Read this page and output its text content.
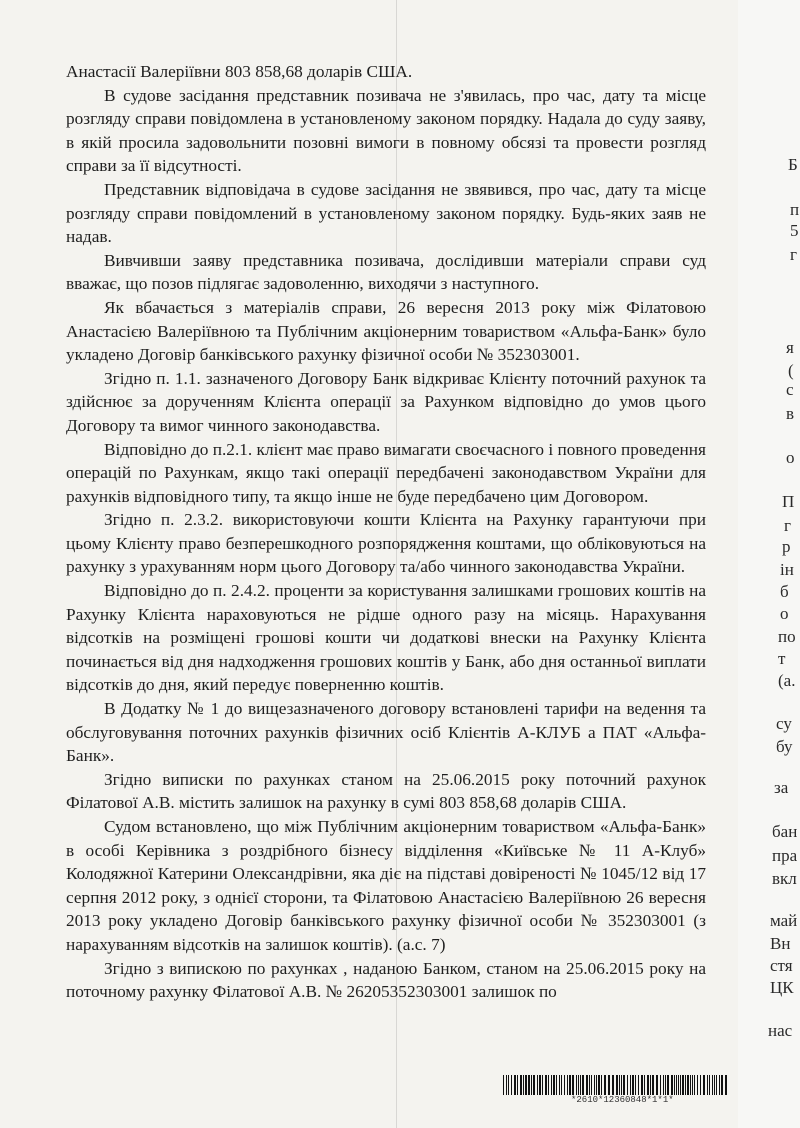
Анастасії Валеріївни 803 858,68 доларів США.

В судове засідання представник позивача не з'явилась, про час, дату та місце розгляду справи повідомлена в установленому законом порядку. Надала до суду заяву, в якій просила задовольнити позовні вимоги в повному обсязі та провести розгляд справи за її відсутності.

Представник відповідача в судове засідання не звявився, про час, дату та місце розгляду справи повідомлений в установленому законом порядку. Будь-яких заяв не надав.

Вивчивши заяву представника позивача, дослідивши матеріали справи суд вважає, що позов підлягає задоволенню, виходячи з наступного.

Як вбачається з матеріалів справи, 26 вересня 2013 року між Філатовою Анастасією Валеріївною та Публічним акціонерним товариством «Альфа-Банк» було укладено Договір банківського рахунку фізичної особи № 352303001.

Згідно п. 1.1. зазначеного Договору Банк відкриває Клієнту поточний рахунок та здійснює за дорученням Клієнта операції за Рахунком відповідно до умов цього Договору та вимог чинного законодавства.

Відповідно до п.2.1. клієнт має право вимагати своєчасного і повного проведення операцій по Рахункам, якщо такі операції передбачені законодавством України для рахунків відповідного типу, та якщо інше не буде передбачено цим Договором.

Згідно п. 2.3.2. використовуючи кошти Клієнта на Рахунку гарантуючи при цьому Клієнту право безперешкодного розпорядження коштами, що обліковуються на рахунку з урахуванням норм цього Договору та/або чинного законодавства України.

Відповідно до п. 2.4.2. проценти за користування залишками грошових коштів на Рахунку Клієнта нараховуються не рідше одного разу на місяць. Нарахування відсотків на розміщені грошові кошти чи додаткові внески на Рахунку Клієнта починається від дня надходження грошових коштів у Банк, або дня останньої виплати відсотків до дня, який передує поверненню коштів.

В Додатку № 1 до вищезазначеного договору встановлені тарифи на ведення та обслуговування поточних рахунків фізичних осіб Клієнтів А-КЛУБ а ПАТ «Альфа-Банк».

Згідно виписки по рахунках станом на 25.06.2015 року поточний рахунок Філатової А.В. містить залишок на рахунку в сумі 803 858,68 доларів США.

Судом встановлено, що між Публічним акціонерним товариством «Альфа-Банк» в особі Керівника з роздрібного бізнесу відділення «Київське № 11 А-Клуб» Колодяжної Катерини Олександрівни, яка діє на підставі довіреності № 1045/12 від 17 серпня 2012 року, з однієї сторони, та Філатовою Анастасією Валеріївною 26 вересня 2013 року укладено Договір банківського рахунку фізичної особи № 352303001 (з нарахуванням відсотків на залишок коштів). (а.с. 7)

Згідно з випискою по рахунках , наданою Банком, станом на 25.06.2015 року на поточному рахунку Філатової А.В. № 26205352303001 залишок по

*2610*12360848*1*1*
Б
п
5
г
я
(
с
в
о
П
г
р
ін
б
о
по
т
(а.
су
бу
за
бан
пра
вкл
май
Вн
стя
ЦК
нас
